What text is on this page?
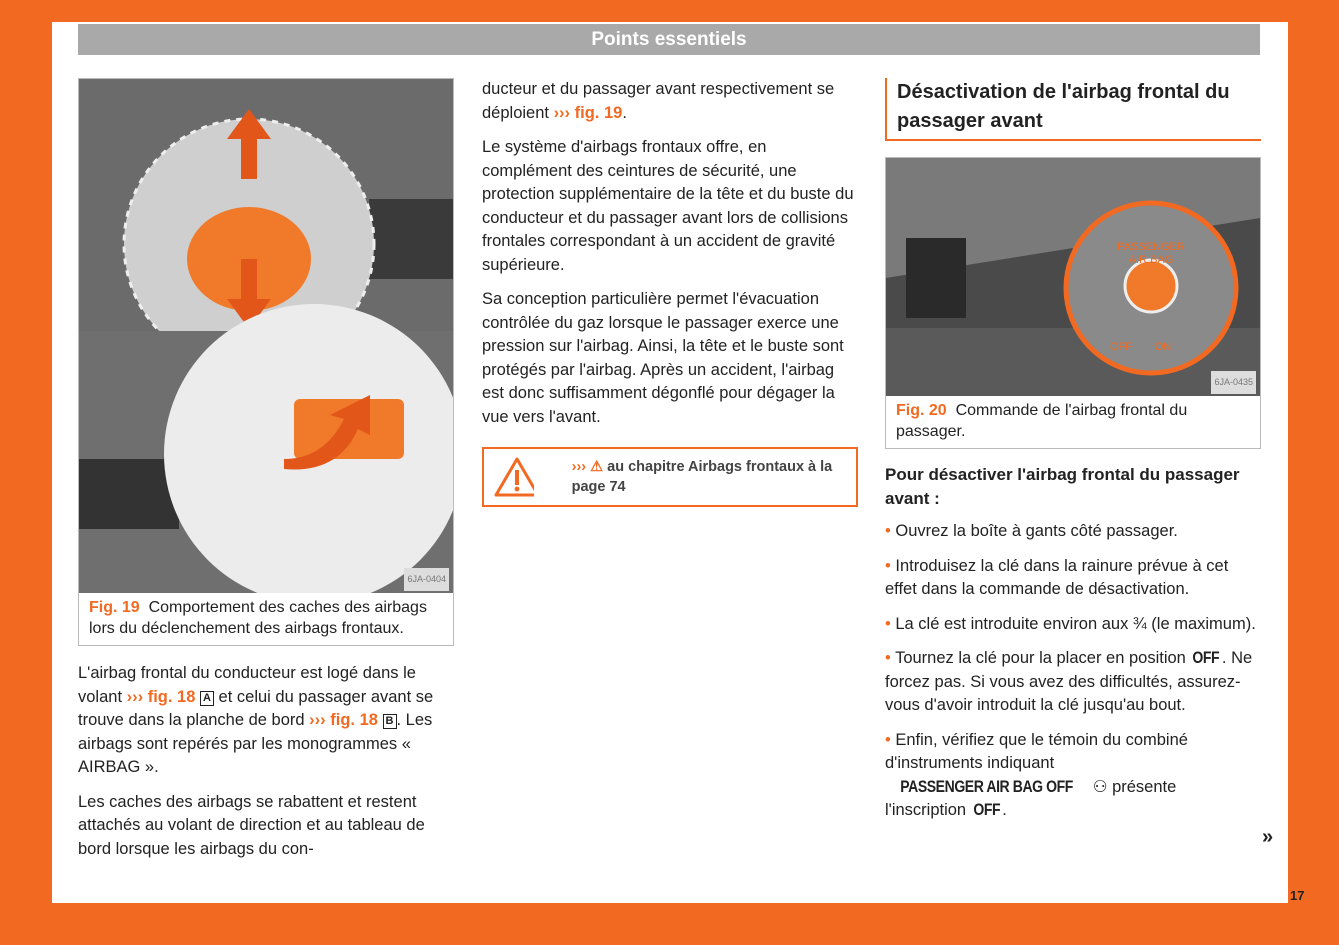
Points essentiels
6JA-0404
Fig. 19 Comportement des caches des airbags lors du déclenchement des airbags frontaux.

L'airbag frontal du conducteur est logé dans le volant ››› fig. 18 A et celui du passager avant se trouve dans la planche de bord ››› fig. 18 B . Les airbags sont repérés par les monogrammes « AIRBAG ».

Les caches des airbags se rabattent et restent attachés au volant de direction et au tableau de bord lorsque les airbags du con-

ducteur et du passager avant respectivement se déploient ››› fig. 19.

Le système d'airbags frontaux offre, en complément des ceintures de sécurité, une protection supplémentaire de la tête et du buste du conducteur et du passager avant lors de collisions frontales correspondant à un accident de gravité supérieure.

Sa conception particulière permet l'évacuation contrôlée du gaz lorsque le passager exerce une pression sur l'airbag. Ainsi, la tête et le buste sont protégés par l'airbag. Après un accident, l'airbag est donc suffisamment dégonflé pour dégager la vue vers l'avant.

››› ⚠ au chapitre Airbags frontaux à la page 74
Désactivation de l'airbag frontal du passager avant
PASSENGER
AIR BAG
OFF ON
6JA-0435
Fig. 20 Commande de l'airbag frontal du passager.
Pour désactiver l'airbag frontal du passager avant :

• Ouvrez la boîte à gants côté passager.

• Introduisez la clé dans la rainure prévue à cet effet dans la commande de désactivation.

• La clé est introduite environ aux ¾ (le maximum).

• Tournez la clé pour la placer en position OFF . Ne forcez pas. Si vous avez des difficultés, assurez-vous d'avoir introduit la clé jusqu'au bout.

• Enfin, vérifiez que le témoin du combiné d'instruments indiquant PASSENGER AIR BAG OFF ⚇ présente l'inscription OFF .

»
17
